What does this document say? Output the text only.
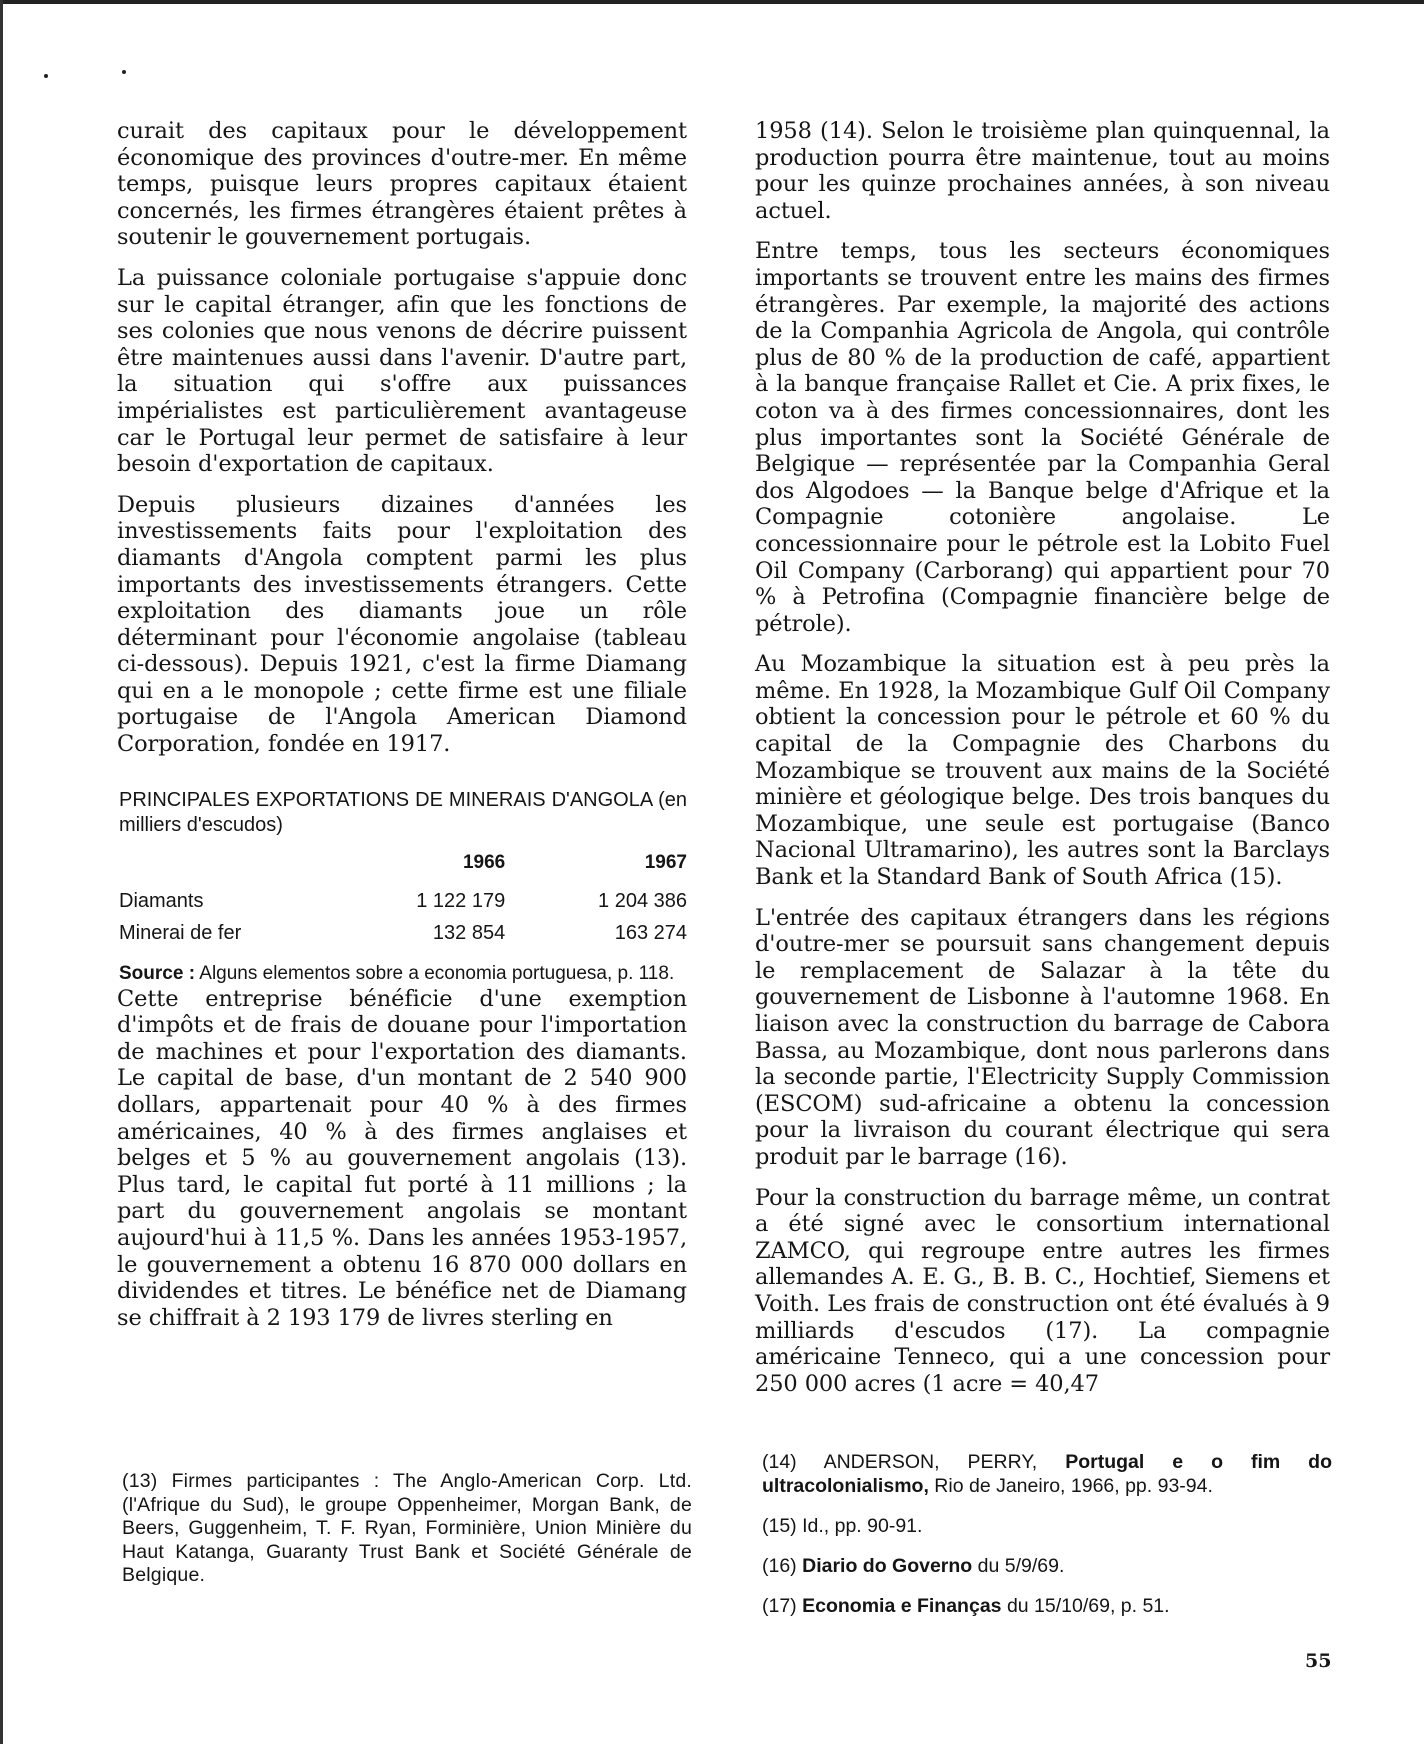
curait des capitaux pour le développement économique des provinces d'outre-mer. En même temps, puisque leurs propres capitaux étaient concernés, les firmes étrangères étaient prêtes à soutenir le gouvernement portugais.

La puissance coloniale portugaise s'appuie donc sur le capital étranger, afin que les fonctions de ses colonies que nous venons de décrire puissent être maintenues aussi dans l'avenir. D'autre part, la situation qui s'offre aux puissances impérialistes est particulièrement avantageuse car le Portugal leur permet de satisfaire à leur besoin d'exportation de capitaux.

Depuis plusieurs dizaines d'années les investissements faits pour l'exploitation des diamants d'Angola comptent parmi les plus importants des investissements étrangers. Cette exploitation des diamants joue un rôle déterminant pour l'économie angolaise (tableau ci-dessous). Depuis 1921, c'est la firme Diamang qui en a le monopole ; cette firme est une filiale portugaise de l'Angola American Diamond Corporation, fondée en 1917.

PRINCIPALES EXPORTATIONS DE MINERAIS D'ANGOLA (en milliers d'escudos)
	1966	1967
Diamants	1 122 179	1 204 386
Minerai de fer	132 854	163 274
Source : Alguns elementos sobre a economia portuguesa, p. 118.

Cette entreprise bénéficie d'une exemption d'impôts et de frais de douane pour l'importation de machines et pour l'exportation des diamants. Le capital de base, d'un montant de 2 540 900 dollars, appartenait pour 40 % à des firmes américaines, 40 % à des firmes anglaises et belges et 5 % au gouvernement angolais (13). Plus tard, le capital fut porté à 11 millions ; la part du gouvernement angolais se montant aujourd'hui à 11,5 %. Dans les années 1953-1957, le gouvernement a obtenu 16 870 000 dollars en dividendes et titres. Le bénéfice net de Diamang se chiffrait à 2 193 179 de livres sterling en

1958 (14). Selon le troisième plan quinquennal, la production pourra être maintenue, tout au moins pour les quinze prochaines années, à son niveau actuel.

Entre temps, tous les secteurs économiques importants se trouvent entre les mains des firmes étrangères. Par exemple, la majorité des actions de la Companhia Agricola de Angola, qui contrôle plus de 80 % de la production de café, appartient à la banque française Rallet et Cie. A prix fixes, le coton va à des firmes concessionnaires, dont les plus importantes sont la Société Générale de Belgique — représentée par la Companhia Geral dos Algodoes — la Banque belge d'Afrique et la Compagnie cotonière angolaise. Le concessionnaire pour le pétrole est la Lobito Fuel Oil Company (Carborang) qui appartient pour 70 % à Petrofina (Compagnie financière belge de pétrole).

Au Mozambique la situation est à peu près la même. En 1928, la Mozambique Gulf Oil Company obtient la concession pour le pétrole et 60 % du capital de la Compagnie des Charbons du Mozambique se trouvent aux mains de la Société minière et géologique belge. Des trois banques du Mozambique, une seule est portugaise (Banco Nacional Ultramarino), les autres sont la Barclays Bank et la Standard Bank of South Africa (15).

L'entrée des capitaux étrangers dans les régions d'outre-mer se poursuit sans changement depuis le remplacement de Salazar à la tête du gouvernement de Lisbonne à l'automne 1968. En liaison avec la construction du barrage de Cabora Bassa, au Mozambique, dont nous parlerons dans la seconde partie, l'Electricity Supply Commission (ESCOM) sud-africaine a obtenu la concession pour la livraison du courant électrique qui sera produit par le barrage (16).

Pour la construction du barrage même, un contrat a été signé avec le consortium international ZAMCO, qui regroupe entre autres les firmes allemandes A. E. G., B. B. C., Hochtief, Siemens et Voith. Les frais de construction ont été évalués à 9 milliards d'escudos (17). La compagnie américaine Tenneco, qui a une concession pour 250 000 acres (1 acre = 40,47

(13) Firmes participantes : The Anglo-American Corp. Ltd. (l'Afrique du Sud), le groupe Oppenheimer, Morgan Bank, de Beers, Guggenheim, T. F. Ryan, Forminière, Union Minière du Haut Katanga, Guaranty Trust Bank et Société Générale de Belgique.
(14) ANDERSON, PERRY, Portugal e o fim do ultracolonialismo, Rio de Janeiro, 1966, pp. 93-94.
(15) Id., pp. 90-91.
(16) Diario do Governo du 5/9/69.
(17) Economia e Finanças du 15/10/69, p. 51.
55
